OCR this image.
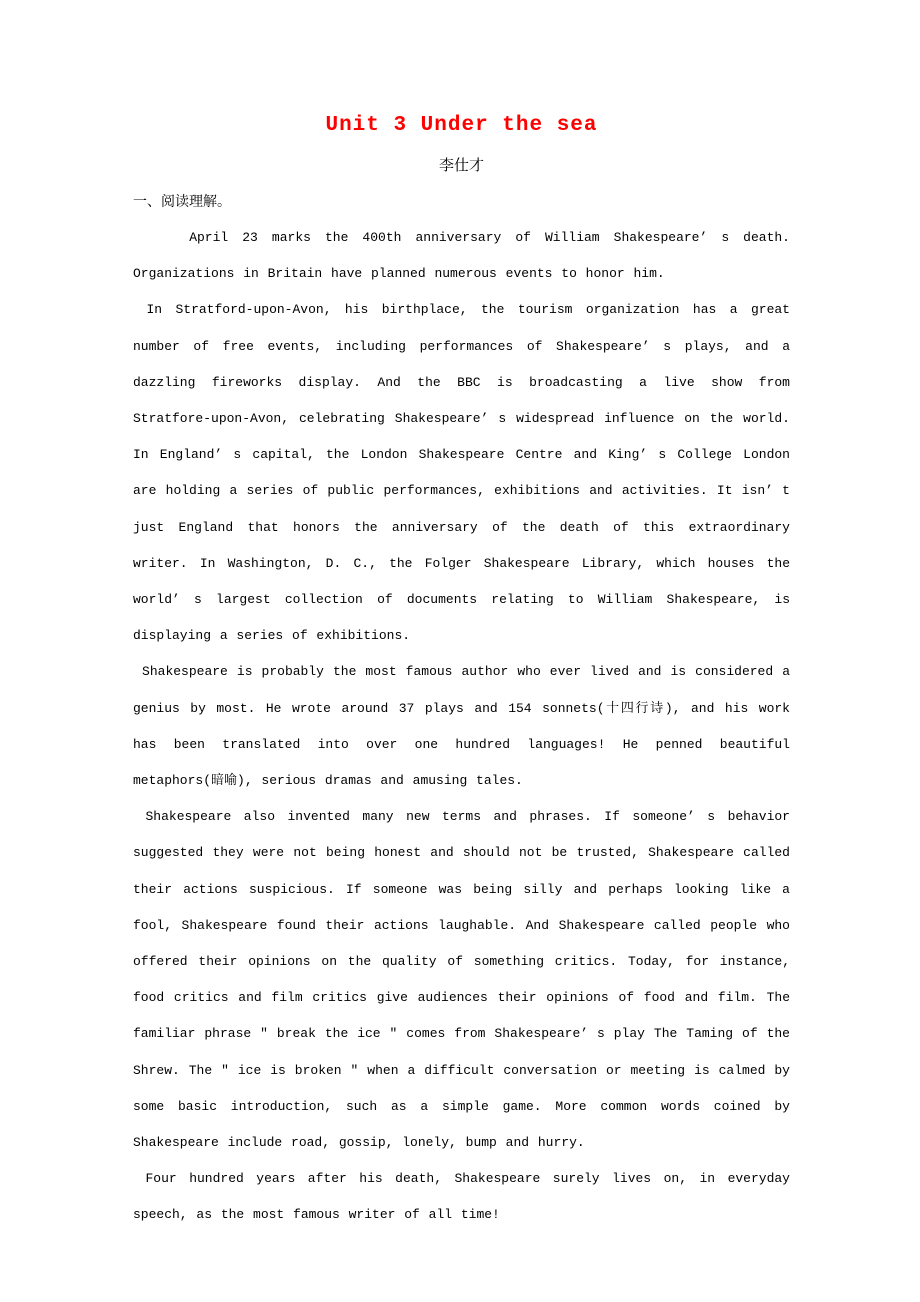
Unit 3 Under the sea
李仕才
一、阅读理解。

April 23 marks the 400th anniversary of William Shakespeare’ s death. Organizations in Britain have planned numerous events to honor him.

In Stratford-upon-Avon, his birthplace, the tourism organization has a great number of free events, including performances of Shakespeare’ s plays, and a dazzling fireworks display. And the BBC is broadcasting a live show from Stratfore-upon-Avon, celebrating Shakespeare’ s widespread influence on the world. In England’ s capital, the London Shakespeare Centre and King’ s College London are holding a series of public performances, exhibitions and activities. It isn’ t just England that honors the anniversary of the death of this extraordinary writer. In Washington, D. C., the Folger Shakespeare Library, which houses the world’ s largest collection of documents relating to William Shakespeare, is displaying a series of exhibitions.

Shakespeare is probably the most famous author who ever lived and is considered a genius by most. He wrote around 37 plays and 154 sonnets(十四行诗), and his work has been translated into over one hundred languages! He penned beautiful metaphors(暗喻), serious dramas and amusing tales.

Shakespeare also invented many new terms and phrases. If someone’ s behavior suggested they were not being honest and should not be trusted, Shakespeare called their actions suspicious. If someone was being silly and perhaps looking like a fool, Shakespeare found their actions laughable. And Shakespeare called people who offered their opinions on the quality of something critics. Today, for instance, food critics and film critics give audiences their opinions of food and film. The familiar phrase " break the ice " comes from Shakespeare’ s play The Taming of the Shrew. The " ice is broken " when a difficult conversation or meeting is calmed by some basic introduction, such as a simple game. More common words coined by Shakespeare include road, gossip, lonely, bump and hurry.

Four hundred years after his death, Shakespeare surely lives on, in everyday speech, as the most famous writer of all time!
